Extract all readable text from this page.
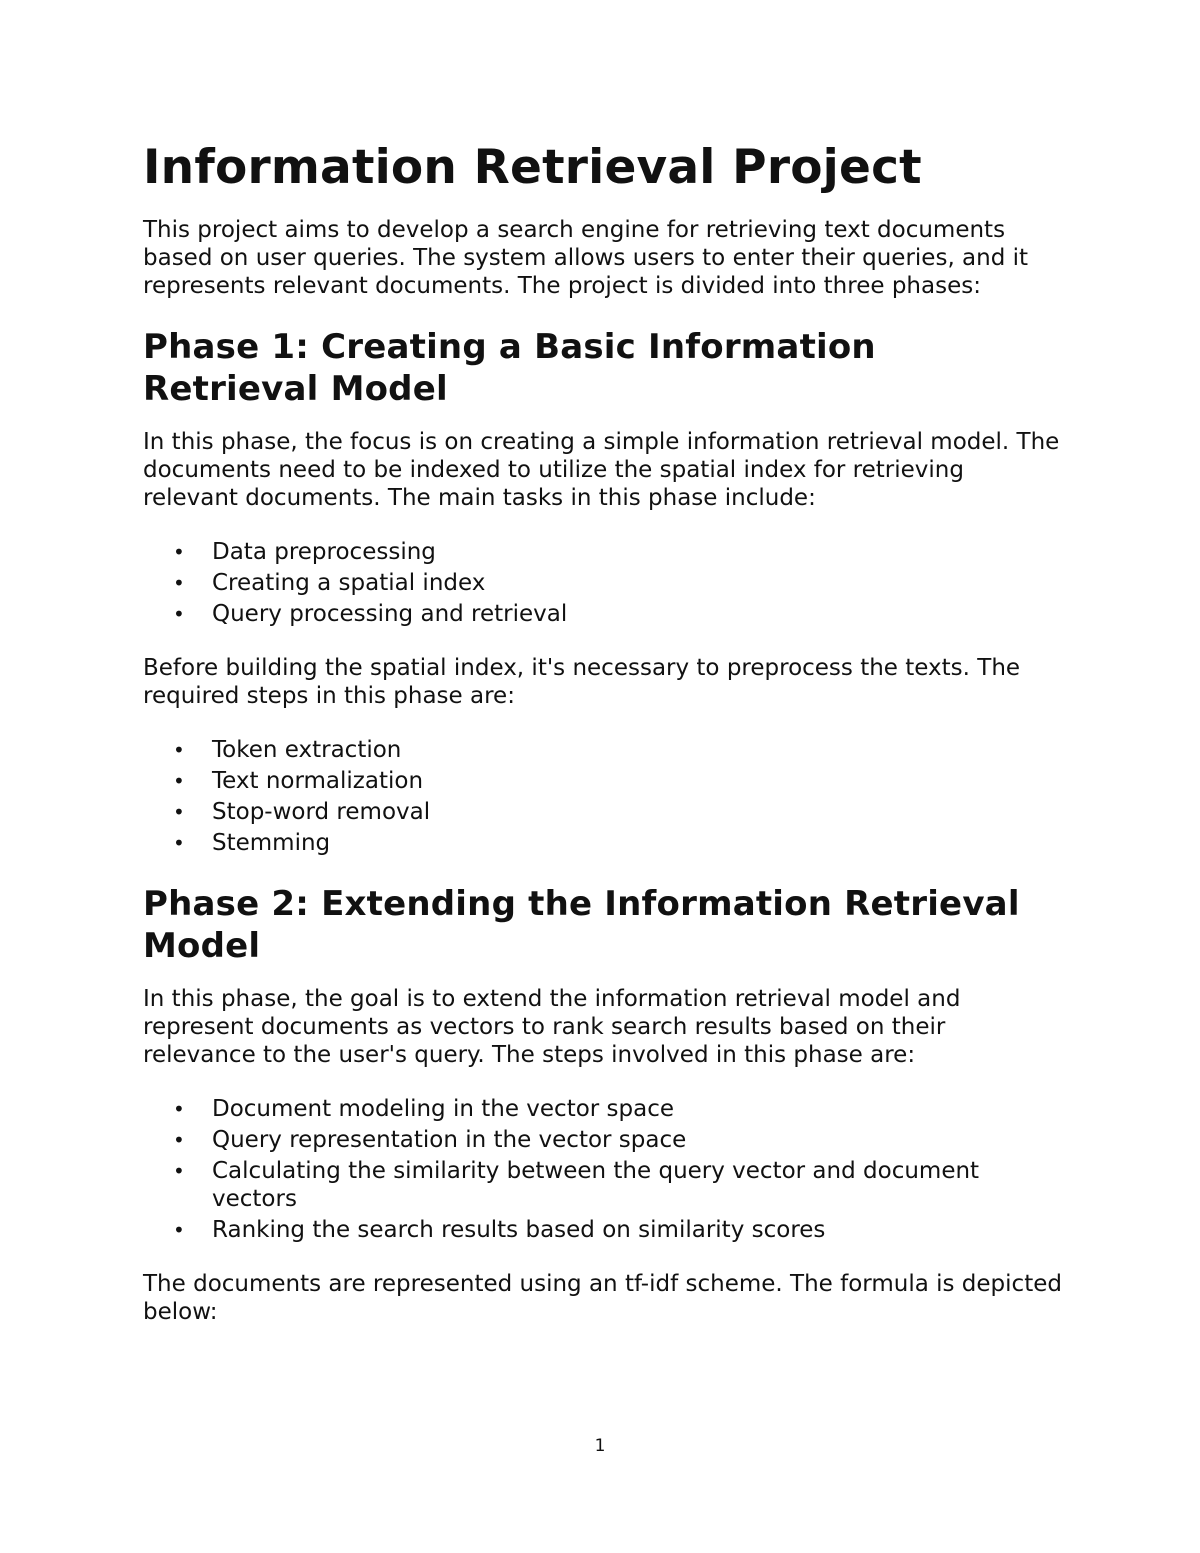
Information Retrieval Project

This project aims to develop a search engine for retrieving text documents based on user queries. The system allows users to enter their queries, and it represents relevant documents. The project is divided into three phases:

Phase 1: Creating a Basic Information Retrieval Model

In this phase, the focus is on creating a simple information retrieval model. The documents need to be indexed to utilize the spatial index for retrieving relevant documents. The main tasks in this phase include:

•	Data preprocessing
•	Creating a spatial index
•	Query processing and retrieval

Before building the spatial index, it's necessary to preprocess the texts. The required steps in this phase are:

•	Token extraction
•	Text normalization
•	Stop-word removal
•	Stemming
Phase 2: Extending the Information Retrieval Model

In this phase, the goal is to extend the information retrieval model and represent documents as vectors to rank search results based on their relevance to the user's query. The steps involved in this phase are:

•	Document modeling in the vector space
•	Query representation in the vector space
•	Calculating the similarity between the query vector and document vectors
•	Ranking the search results based on similarity scores

The documents are represented using an tf-idf scheme. The formula is depicted below:

1
